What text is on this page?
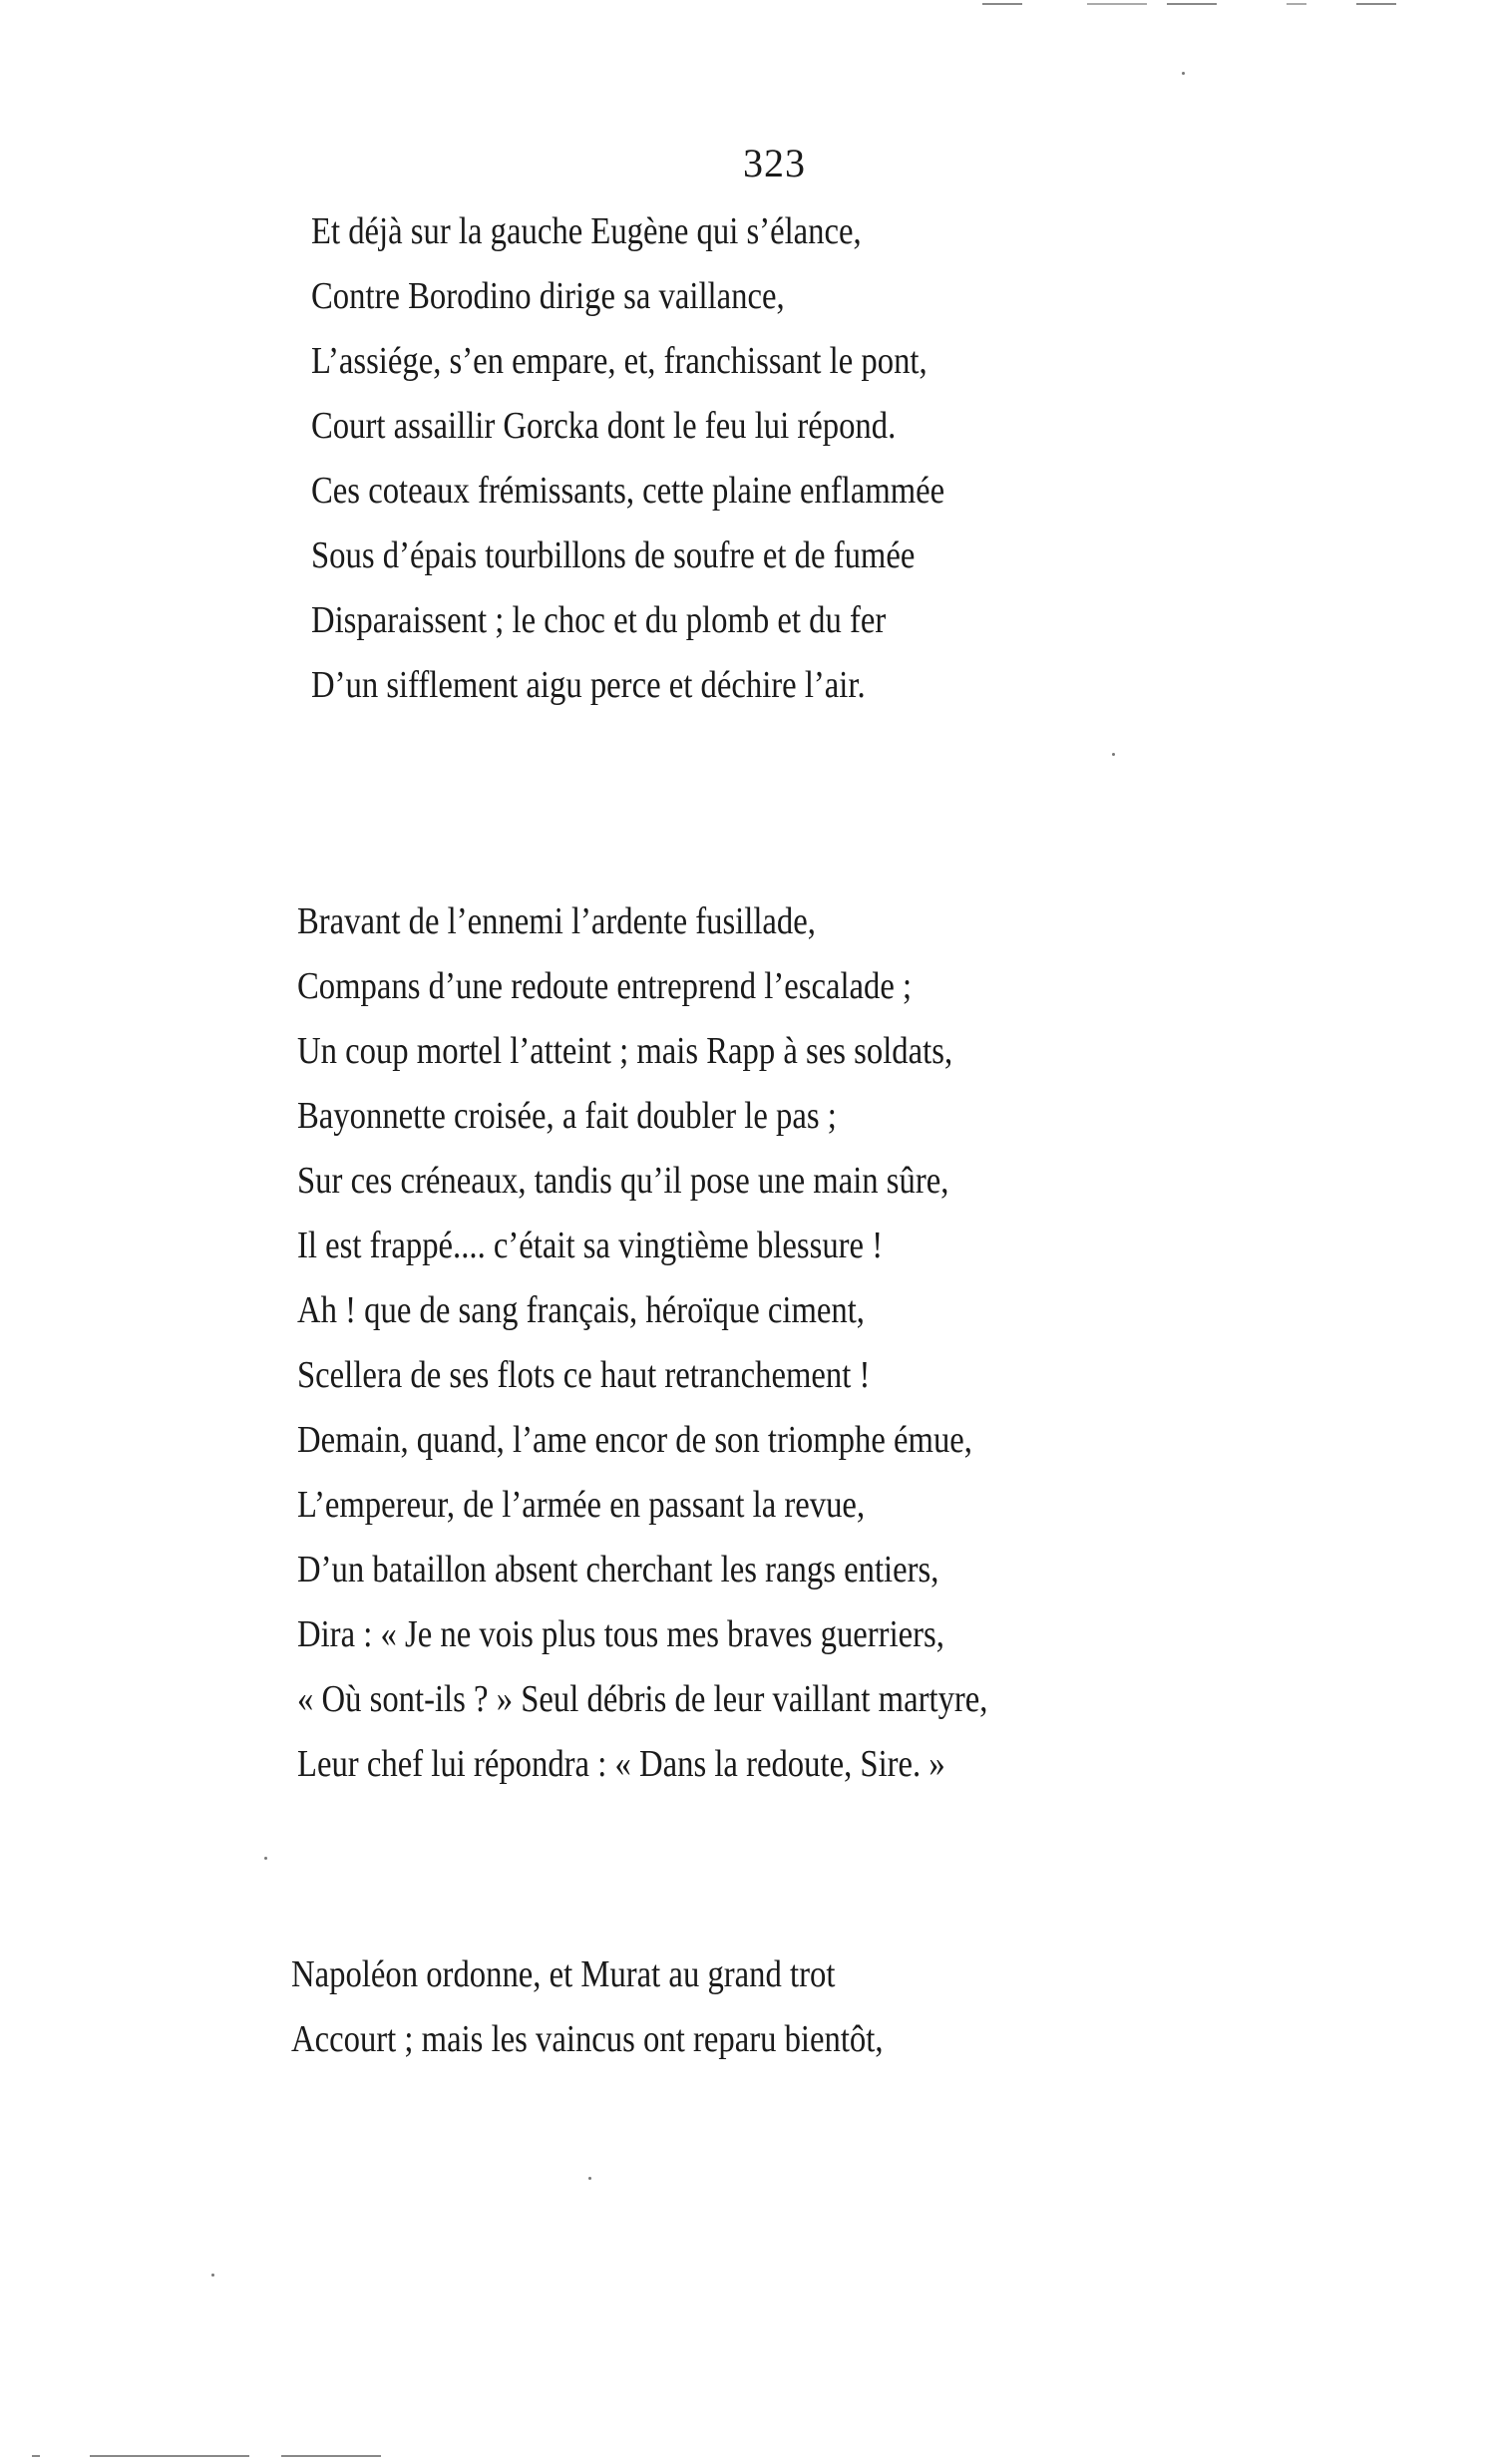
323
Et déjà sur la gauche Eugène qui s’élance,
Contre Borodino dirige sa vaillance,
L’assiége, s’en empare, et, franchissant le pont,
Court assaillir Gorcka dont le feu lui répond.
Ces coteaux frémissants, cette plaine enflammée
Sous d’épais tourbillons de soufre et de fumée
Disparaissent ; le choc et du plomb et du fer
D’un sifflement aigu perce et déchire l’air.
Bravant de l’ennemi l’ardente fusillade,
Compans d’une redoute entreprend l’escalade ;
Un coup mortel l’atteint ; mais Rapp à ses soldats,
Bayonnette croisée, a fait doubler le pas ;
Sur ces créneaux, tandis qu’il pose une main sûre,
Il est frappé.... c’était sa vingtième blessure !
Ah ! que de sang français, héroïque ciment,
Scellera de ses flots ce haut retranchement !
Demain, quand, l’ame encor de son triomphe émue,
L’empereur, de l’armée en passant la revue,
D’un bataillon absent cherchant les rangs entiers,
Dira : « Je ne vois plus tous mes braves guerriers,
« Où sont-ils ? » Seul débris de leur vaillant martyre,
Leur chef lui répondra : « Dans la redoute, Sire. »
Napoléon ordonne, et Murat au grand trot
Accourt ; mais les vaincus ont reparu bientôt,
